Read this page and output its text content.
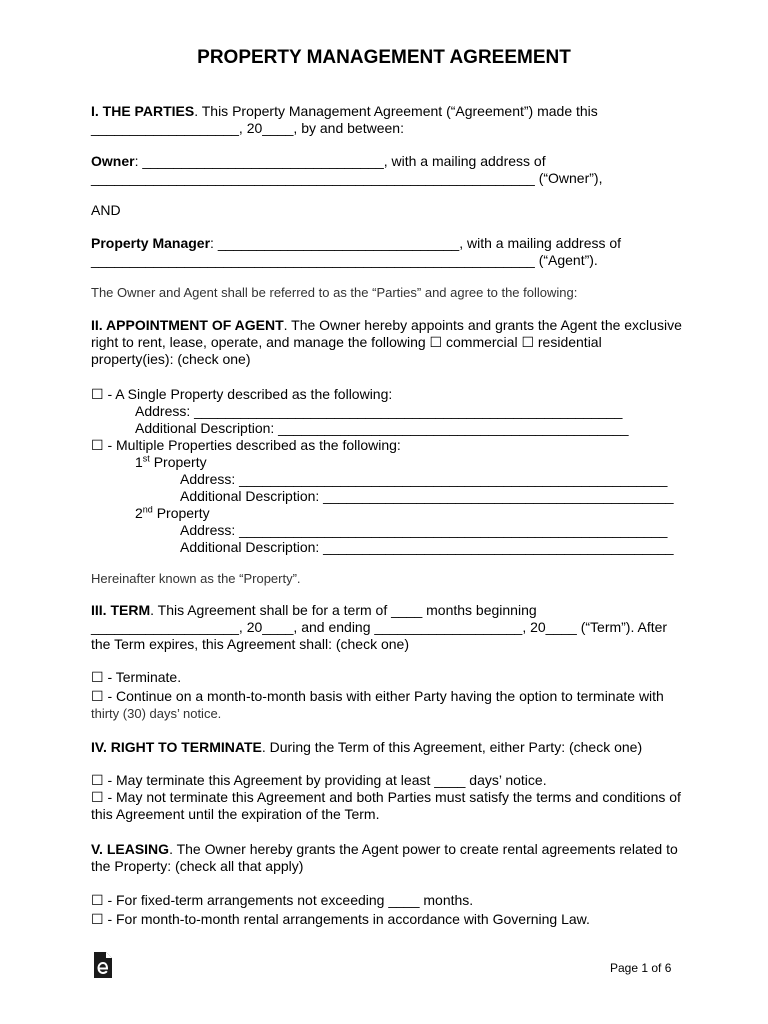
PROPERTY MANAGEMENT AGREEMENT
I. THE PARTIES. This Property Management Agreement (“Agreement”) made this
___________________, 20____, by and between:
Owner: _______________________________, with a mailing address of
_________________________________________________________ (“Owner”),
AND
Property Manager: _______________________________, with a mailing address of
_________________________________________________________ (“Agent”).
The Owner and Agent shall be referred to as the “Parties” and agree to the following:
II. APPOINTMENT OF AGENT. The Owner hereby appoints and grants the Agent the exclusive
right to rent, lease, operate, and manage the following ☐ commercial ☐ residential
property(ies): (check one)
☐ - A Single Property described as the following:
Address: _______________________________________________________
Additional Description: _____________________________________________
☐ - Multiple Properties described as the following:
1st Property
Address: _______________________________________________________
Additional Description: _____________________________________________
2nd Property
Address: _______________________________________________________
Additional Description: _____________________________________________
Hereinafter known as the “Property”.
III. TERM. This Agreement shall be for a term of ____ months beginning
___________________, 20____, and ending ___________________, 20____ (“Term”). After
the Term expires, this Agreement shall: (check one)
☐ - Terminate.
☐ - Continue on a month-to-month basis with either Party having the option to terminate with
thirty (30) days’ notice.
IV. RIGHT TO TERMINATE. During the Term of this Agreement, either Party: (check one)
☐ - May terminate this Agreement by providing at least ____ days’ notice.
☐ - May not terminate this Agreement and both Parties must satisfy the terms and conditions of
this Agreement until the expiration of the Term.
V. LEASING. The Owner hereby grants the Agent power to create rental agreements related to
the Property: (check all that apply)
☐ - For fixed-term arrangements not exceeding ____ months.
☐ - For month-to-month rental arrangements in accordance with Governing Law.
Page 1 of 6
